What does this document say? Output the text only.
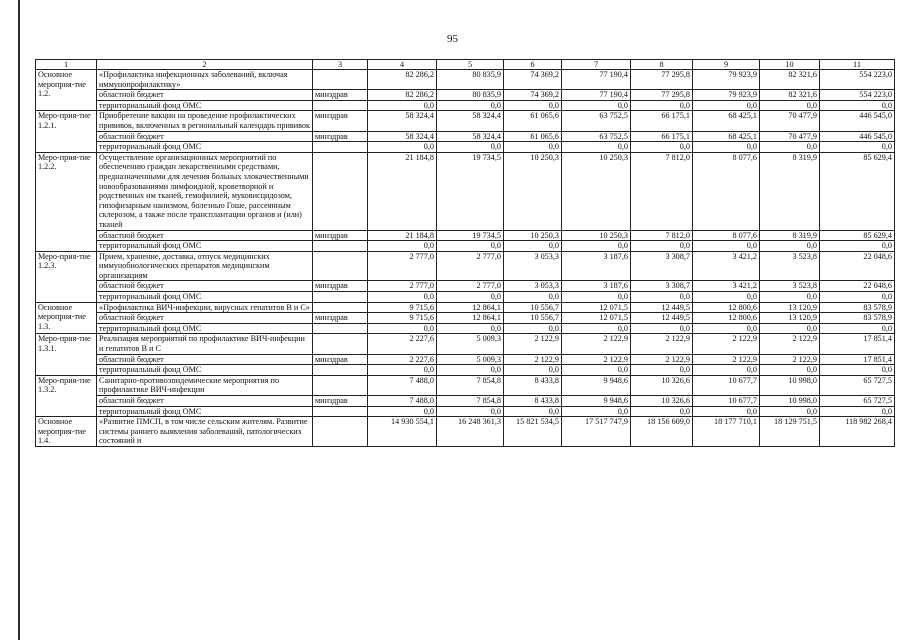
95
1	2	3	4	5	6	7	8	9	10	11
Основное мероприя-тие 1.2.	«Профилактика инфекционных заболеваний, включая иммунопрофилактику»		82 286,2	80 835,9	74 369,2	77 190,4	77 295,8	79 923,9	82 321,6	554 223,0
	областной бюджет	минздрав	82 286,2	80 835,9	74 369,2	77 190,4	77 295,8	79 923,9	82 321,6	554 223,0
	территориальный фонд ОМС		0,0	0,0	0,0	0,0	0,0	0,0	0,0	0,0
Меро-прия-тие 1.2.1.	Приобретение вакцин на проведение профилактических прививок, включенных в региональный календарь прививок	минздрав	58 324,4	58 324,4	61 065,6	63 752,5	66 175,1	68 425,1	70 477,9	446 545,0
	областной бюджет	минздрав	58 324,4	58 324,4	61 065,6	63 752,5	66 175,1	68 425,1	70 477,9	446 545,0
	территориальный фонд ОМС		0,0	0,0	0,0	0,0	0,0	0,0	0,0	0,0
Меро-прия-тие 1.2.2.	Осуществление организационных мероприятий по обеспечению граждан лекарственными средствами, предназначенными для лечения больных злокачественными новообразованиями лимфоидной, кроветворной и родственных им тканей, гемофилией, муковисцидозом, гипофизарным нанизмом, болезнью Гоше, рассеянным склерозом, а также после трансплантации органов и (или) тканей		21 184,8	19 734,5	10 250,3	10 250,3	7 812,0	8 077,6	8 319,9	85 629,4
	областной бюджет	минздрав	21 184,8	19 734,5	10 250,3	10 250,3	7 812,0	8 077,6	8 319,9	85 629,4
	территориальный фонд ОМС		0,0	0,0	0,0	0,0	0,0	0,0	0,0	0,0
Меро-прия-тие 1.2.3.	Прием, хранение, доставка, отпуск медицинских иммунобиологических препаратов медицинским организациям		2 777,0	2 777,0	3 053,3	3 187,6	3 308,7	3 421,2	3 523,8	22 048,6
	областной бюджет	минздрав	2 777,0	2 777,0	3 053,3	3 187,6	3 308,7	3 421,2	3 523,8	22 048,6
	территориальный фонд ОМС		0,0	0,0	0,0	0,0	0,0	0,0	0,0	0,0
Основное мероприя-тие 1.3.	«Профилактика ВИЧ-инфекции, вирусных гепатитов В и С»		9 715,6	12 864,1	10 556,7	12 071,5	12 449,5	12 800,6	13 120,9	83 578,9
	областной бюджет	минздрав	9 715,6	12 864,1	10 556,7	12 071,5	12 449,5	12 800,6	13 120,9	83 578,9
	территориальный фонд ОМС		0,0	0,0	0,0	0,0	0,0	0,0	0,0	0,0
Меро-прия-тие 1.3.1.	Реализация мероприятий по профилактике ВИЧ-инфекции и гепатитов В и С		2 227,6	5 009,3	2 122,9	2 122,9	2 122,9	2 122,9	2 122,9	17 851,4
	областной бюджет	минздрав	2 227,6	5 009,3	2 122,9	2 122,9	2 122,9	2 122,9	2 122,9	17 851,4
	территориальный фонд ОМС		0,0	0,0	0,0	0,0	0,0	0,0	0,0	0,0
Меро-прия-тие 1.3.2.	Санитарно-противоэпидемические мероприятия по профилактике ВИЧ-инфекции		7 488,0	7 854,8	8 433,8	9 948,6	10 326,6	10 677,7	10 998,0	65 727,5
	областной бюджет	минздрав	7 488,0	7 854,8	8 433,8	9 948,6	10 326,6	10 677,7	10 998,0	65 727,5
	территориальный фонд ОМС		0,0	0,0	0,0	0,0	0,0	0,0	0,0	0,0
Основное мероприя-тие 1.4.	«Развитие ПМСП, в том числе сельским жителям. Развитие системы раннего выявления заболеваний, патологических состояний и		14 930 554,1	16 248 361,3	15 821 534,5	17 517 747,9	18 156 609,0	18 177 710,1	18 129 751,5	118 982 268,4
